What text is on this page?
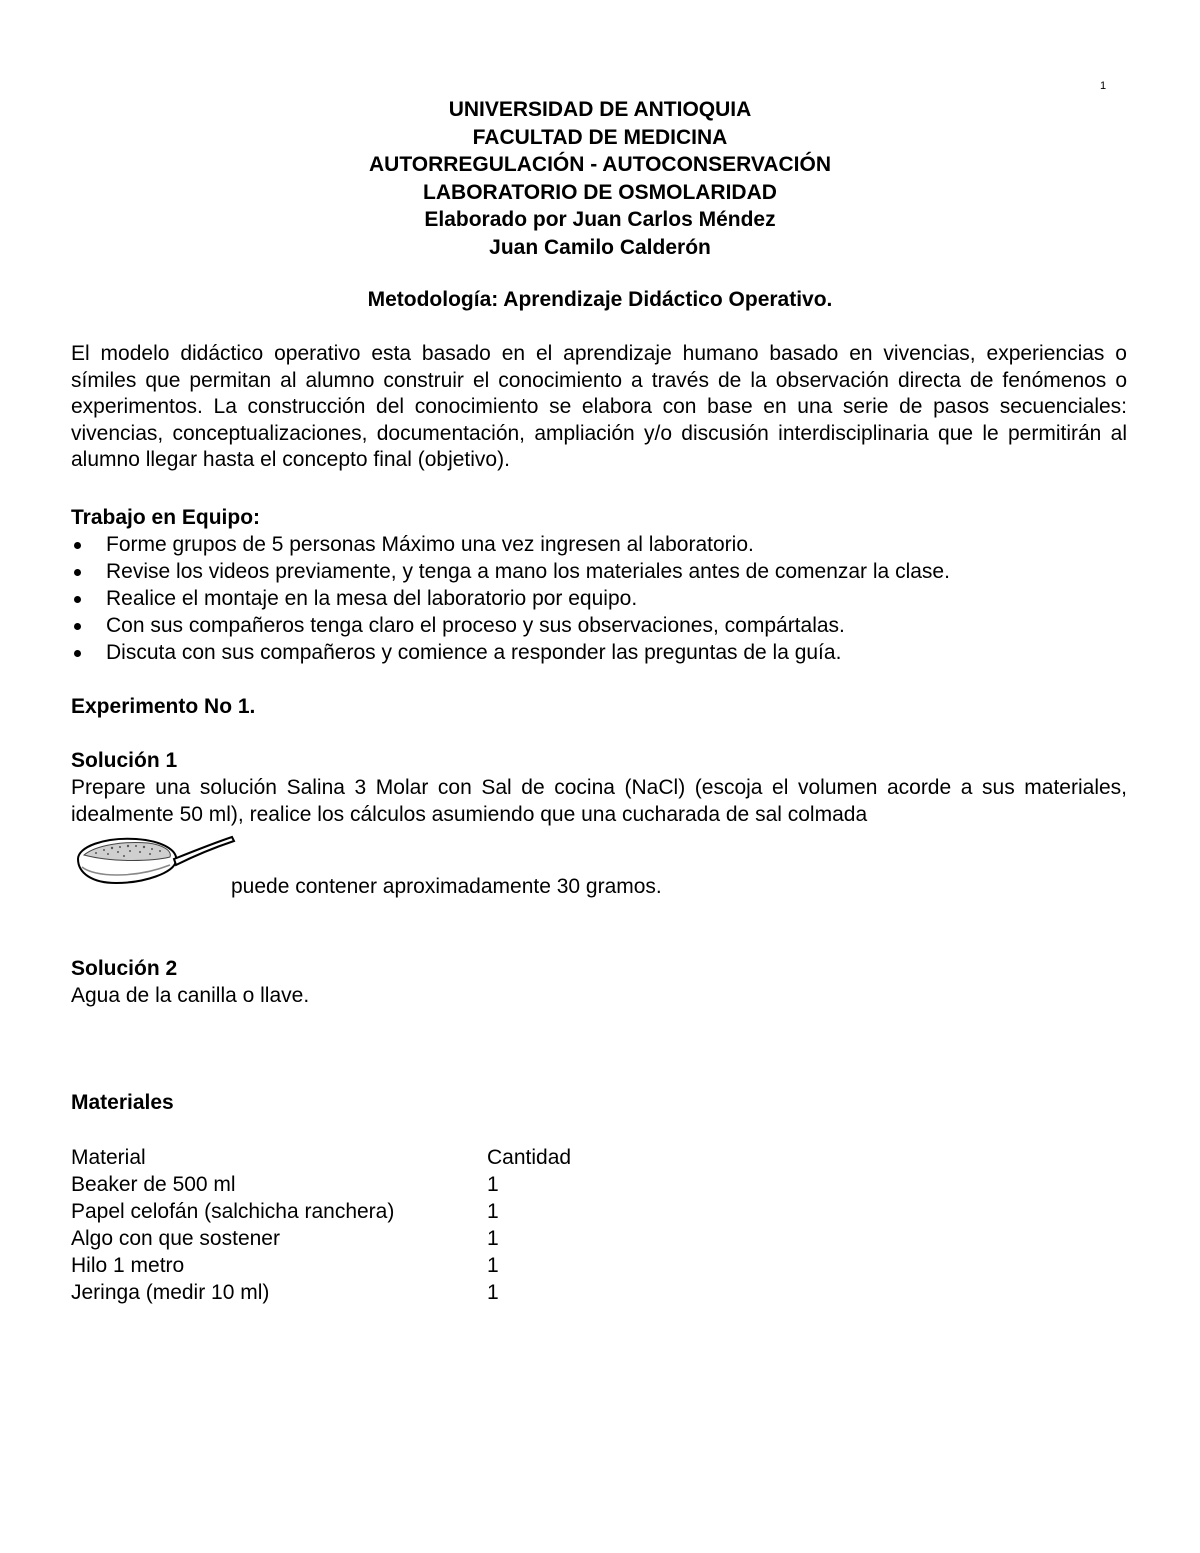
1
UNIVERSIDAD DE ANTIOQUIA
FACULTAD DE MEDICINA
AUTORREGULACIÓN - AUTOCONSERVACIÓN
LABORATORIO DE OSMOLARIDAD
Elaborado por Juan Carlos Méndez
Juan Camilo Calderón
Metodología: Aprendizaje Didáctico Operativo.
El modelo didáctico operativo esta basado en el aprendizaje humano basado en vivencias, experiencias o símiles que permitan al alumno construir el conocimiento a través de la observación directa de fenómenos o experimentos. La construcción del conocimiento se elabora con base en una serie de pasos secuenciales: vivencias, conceptualizaciones, documentación, ampliación y/o discusión interdisciplinaria que le permitirán al alumno llegar hasta el concepto final (objetivo).
Trabajo en Equipo:
Forme grupos de 5 personas Máximo una vez ingresen al laboratorio.
Revise los videos previamente, y tenga a mano los materiales antes de comenzar la clase.
Realice el montaje en la mesa del laboratorio por equipo.
Con sus compañeros tenga claro el proceso y sus observaciones, compártalas.
Discuta con sus compañeros y comience a responder las preguntas de la guía.
Experimento No 1.
Solución 1
Prepare una solución Salina 3 Molar con Sal de cocina (NaCl) (escoja el volumen acorde a sus materiales, idealmente 50 ml), realice los cálculos asumiendo que una cucharada de sal colmada
puede contener aproximadamente 30 gramos.
Solución 2
Agua de la canilla o llave.
Materiales
Material	Cantidad
Beaker de 500 ml	1
Papel celofán (salchicha ranchera)	1
Algo con que sostener	1
Hilo 1 metro	1
Jeringa (medir 10 ml)	1
